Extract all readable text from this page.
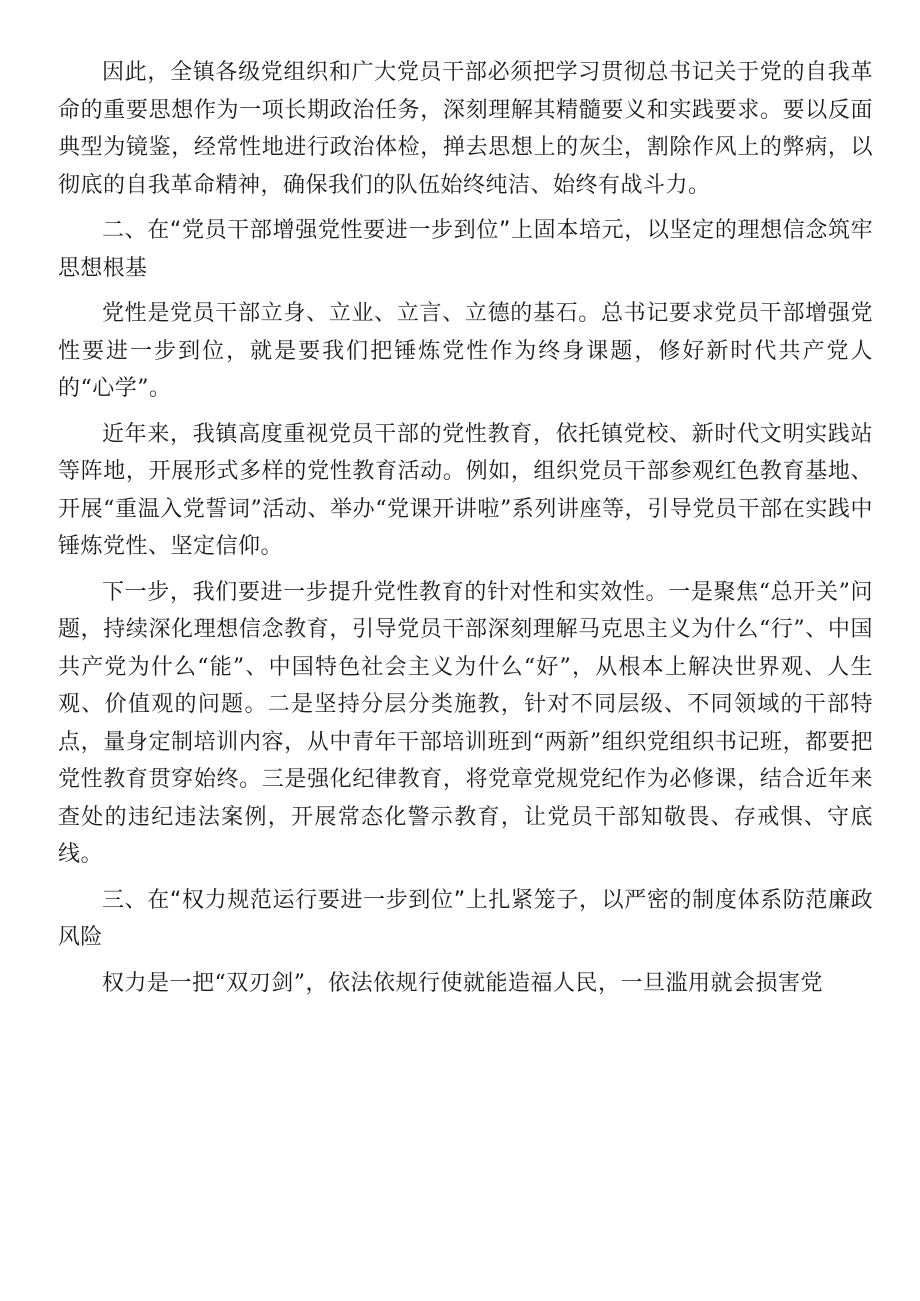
因此，全镇各级党组织和广大党员干部必须把学习贯彻总书记关于党的自我革命的重要思想作为一项长期政治任务，深刻理解其精髓要义和实践要求。要以反面典型为镜鉴，经常性地进行政治体检，掸去思想上的灰尘，割除作风上的弊病，以彻底的自我革命精神，确保我们的队伍始终纯洁、始终有战斗力。

二、在“党员干部增强党性要进一步到位”上固本培元，以坚定的理想信念筑牢思想根基

党性是党员干部立身、立业、立言、立德的基石。总书记要求党员干部增强党性要进一步到位，就是要我们把锤炼党性作为终身课题，修好新时代共产党人的“心学”。

近年来，我镇高度重视党员干部的党性教育，依托镇党校、新时代文明实践站等阵地，开展形式多样的党性教育活动。例如，组织党员干部参观红色教育基地、开展“重温入党誓词”活动、举办“党课开讲啦”系列讲座等，引导党员干部在实践中锤炼党性、坚定信仰。

下一步，我们要进一步提升党性教育的针对性和实效性。一是聚焦“总开关”问题，持续深化理想信念教育，引导党员干部深刻理解马克思主义为什么“行”、中国共产党为什么“能”、中国特色社会主义为什么“好”，从根本上解决世界观、人生观、价值观的问题。二是坚持分层分类施教，针对不同层级、不同领域的干部特点，量身定制培训内容，从中青年干部培训班到“两新”组织党组织书记班，都要把党性教育贯穿始终。三是强化纪律教育，将党章党规党纪作为必修课，结合近年来查处的违纪违法案例，开展常态化警示教育，让党员干部知敬畏、存戒惧、守底线。

三、在“权力规范运行要进一步到位”上扎紧笼子，以严密的制度体系防范廉政风险

权力是一把“双刃剑”，依法依规行使就能造福人民，一旦滥用就会损害党
